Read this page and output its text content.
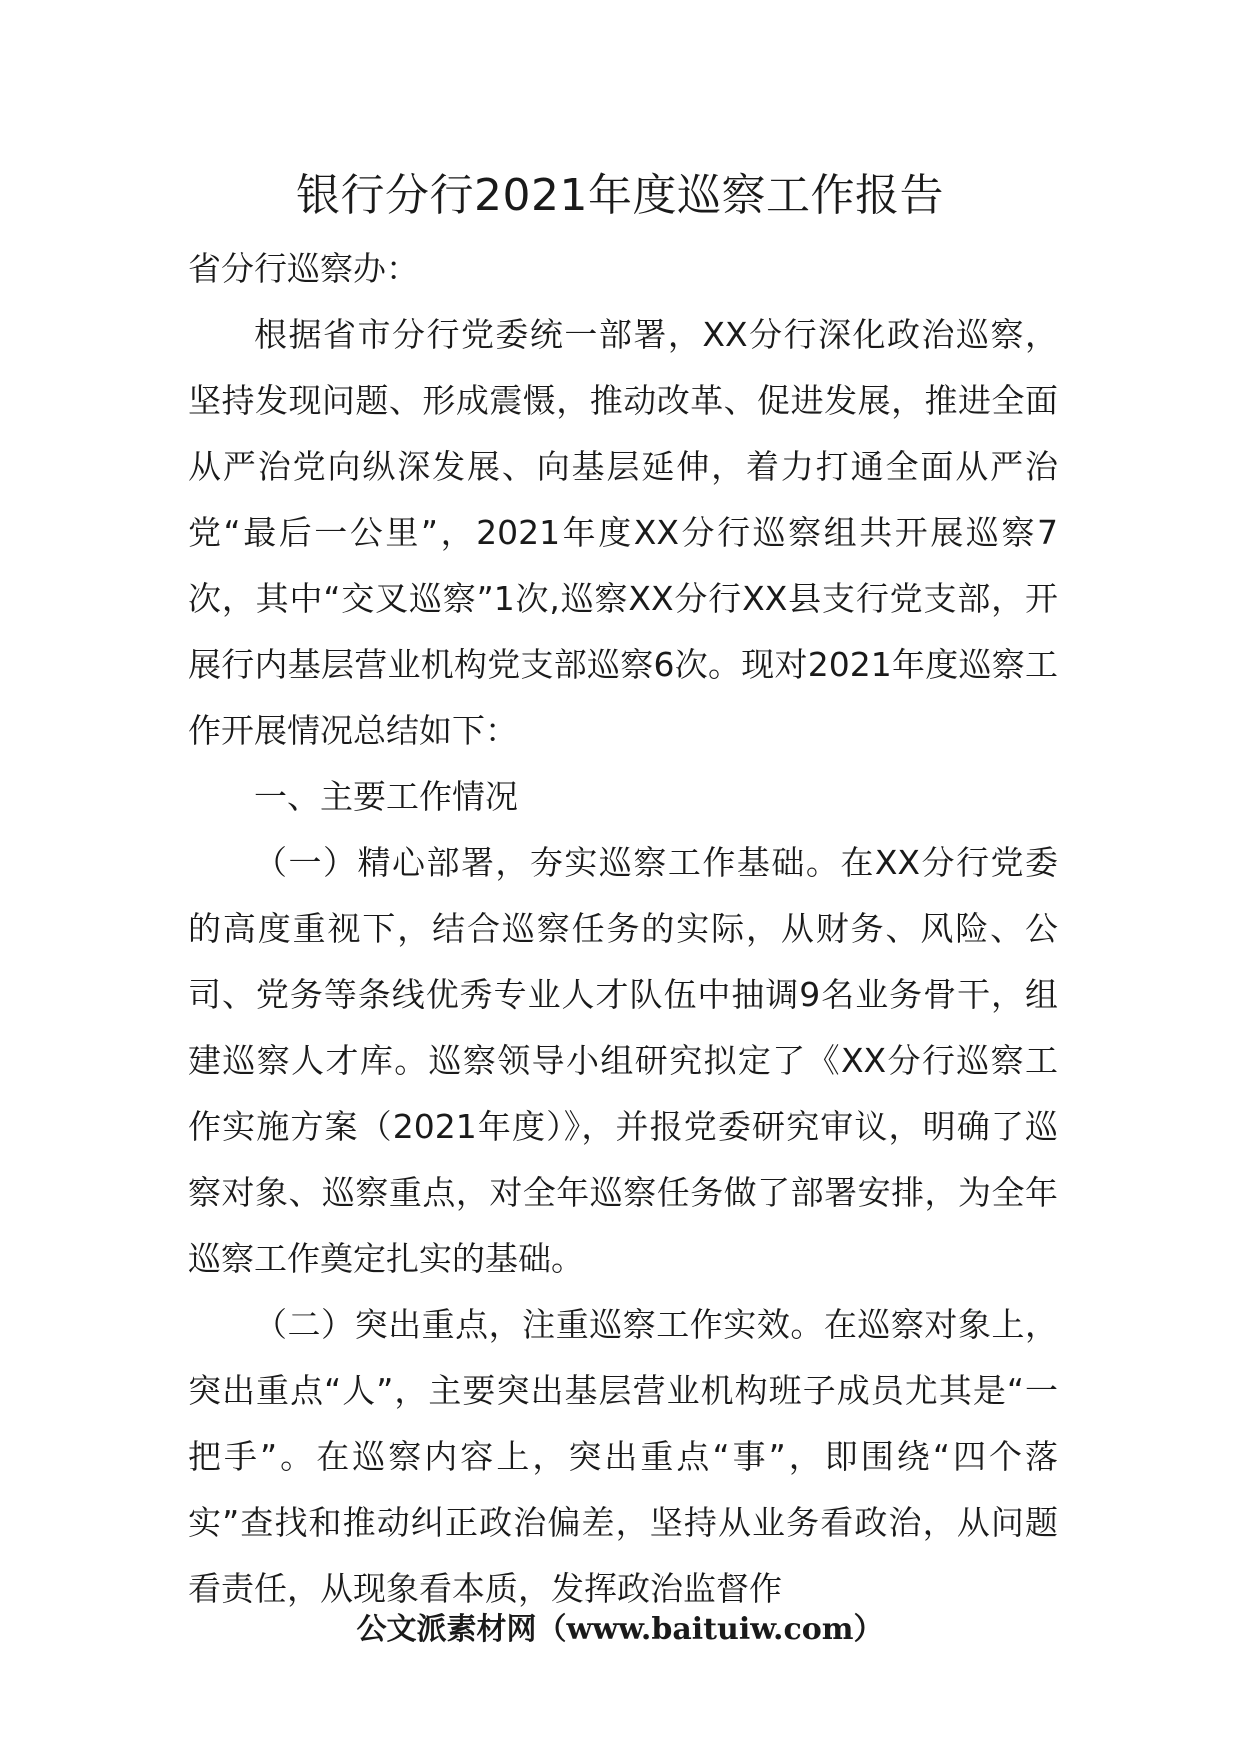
银行分行2021年度巡察工作报告

省分行巡察办：

根据省市分行党委统一部署，XX分行深化政治巡察，坚持发现问题、形成震慑，推动改革、促进发展，推进全面从严治党向纵深发展、向基层延伸，着力打通全面从严治党“最后一公里”，2021年度XX分行巡察组共开展巡察7次，其中“交叉巡察”1次,巡察XX分行XX县支行党支部，开展行内基层营业机构党支部巡察6次。现对2021年度巡察工作开展情况总结如下：

一、主要工作情况

（一）精心部署，夯实巡察工作基础。在XX分行党委的高度重视下，结合巡察任务的实际，从财务、风险、公司、党务等条线优秀专业人才队伍中抽调9名业务骨干，组建巡察人才库。巡察领导小组研究拟定了《XX分行巡察工作实施方案（2021年度）》，并报党委研究审议，明确了巡察对象、巡察重点，对全年巡察任务做了部署安排，为全年巡察工作奠定扎实的基础。

（二）突出重点，注重巡察工作实效。在巡察对象上，突出重点“人”，主要突出基层营业机构班子成员尤其是“一把手”。在巡察内容上，突出重点“事”，即围绕“四个落实”查找和推动纠正政治偏差，坚持从业务看政治，从问题看责任，从现象看本质，发挥政治监督作

公文派素材网（www.baituiw.com）
